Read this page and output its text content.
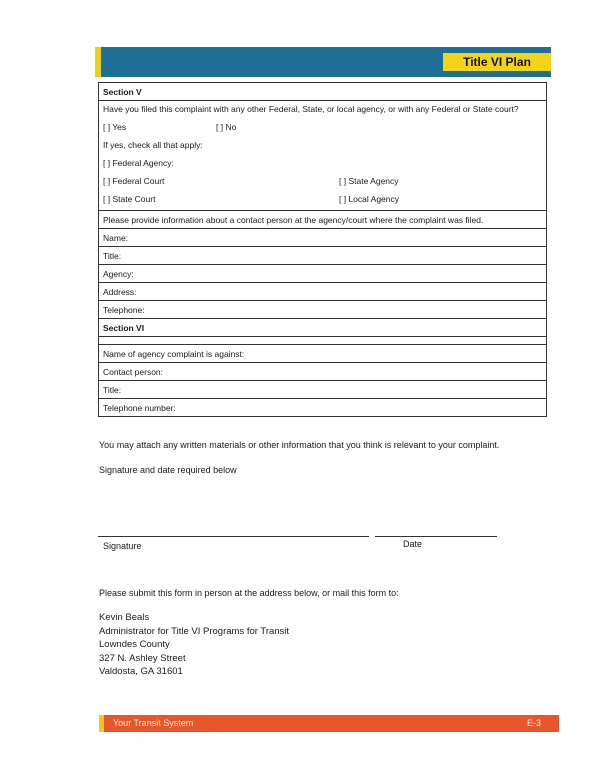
Title VI Plan
Section V

Have you filed this complaint with any other Federal, State, or local agency, or with any Federal or State court?
[ ] Yes	[ ] No
If yes, check all that apply:
[ ] Federal Agency:
[ ] Federal Court	[ ] State Agency
[ ] State Court	[ ] Local Agency

Please provide information about a contact person at the agency/court where the complaint was filed.
Name:
Title:
Agency:
Address:
Telephone:
Section VI

Name of agency complaint is against:
Contact person:
Title:
Telephone number:
You may attach any written materials or other information that you think is relevant to your complaint.
Signature and date required below
Signature	Date
Please submit this form in person at the address below, or mail this form to:
Kevin Beals
Administrator for Title VI Programs for Transit
Lowndes County
327 N. Ashley Street
Valdosta, GA 31601
Your Transit System	E-3
